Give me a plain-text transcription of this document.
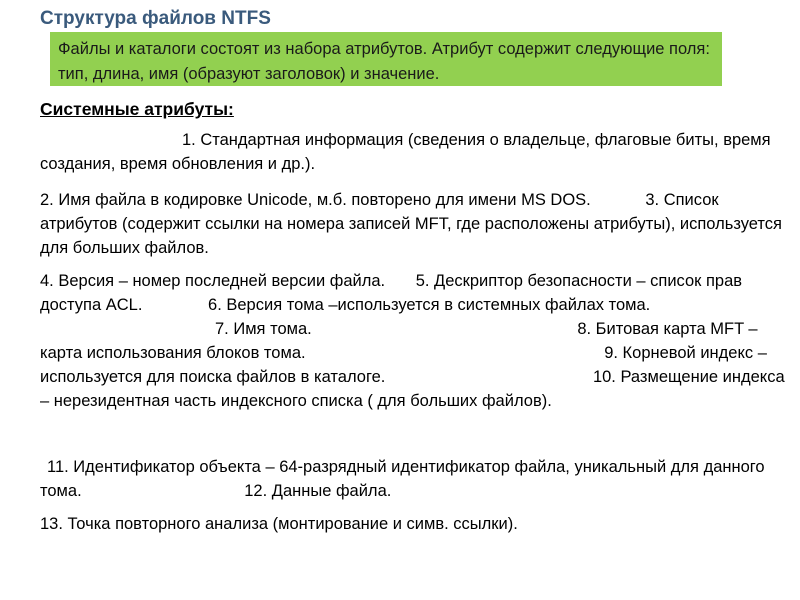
Структура файлов NTFS
Файлы и каталоги состоят из набора атрибутов. Атрибут содержит следующие поля: тип, длина, имя (образуют заголовок) и значение.
Системные атрибуты:

1. Стандартная информация (сведения о владельце, флаговые биты, время создания, время обновления и др.).

2. Имя файла в кодировке Unicode, м.б. повторено для имени MS DOS.	3. Список атрибутов (содержит ссылки на номера записей MFT, где расположены атрибуты), используется для больших файлов.

4. Версия – номер последней версии файла. 5. Дескриптор безопасности – список прав доступа ACL.	6. Версия тома –используется в системных файлах тома. 7. Имя тома.	8. Битовая карта MFT – карта использования блоков тома.	9. Корневой индекс – используется для поиска файлов в каталоге.	10. Размещение индекса – нерезидентная часть индексного списка ( для больших файлов).

11. Идентификатор объекта – 64-разрядный идентификатор файла, уникальный для данного тома.	12. Данные файла.

13. Точка повторного анализа (монтирование и симв. ссылки).
